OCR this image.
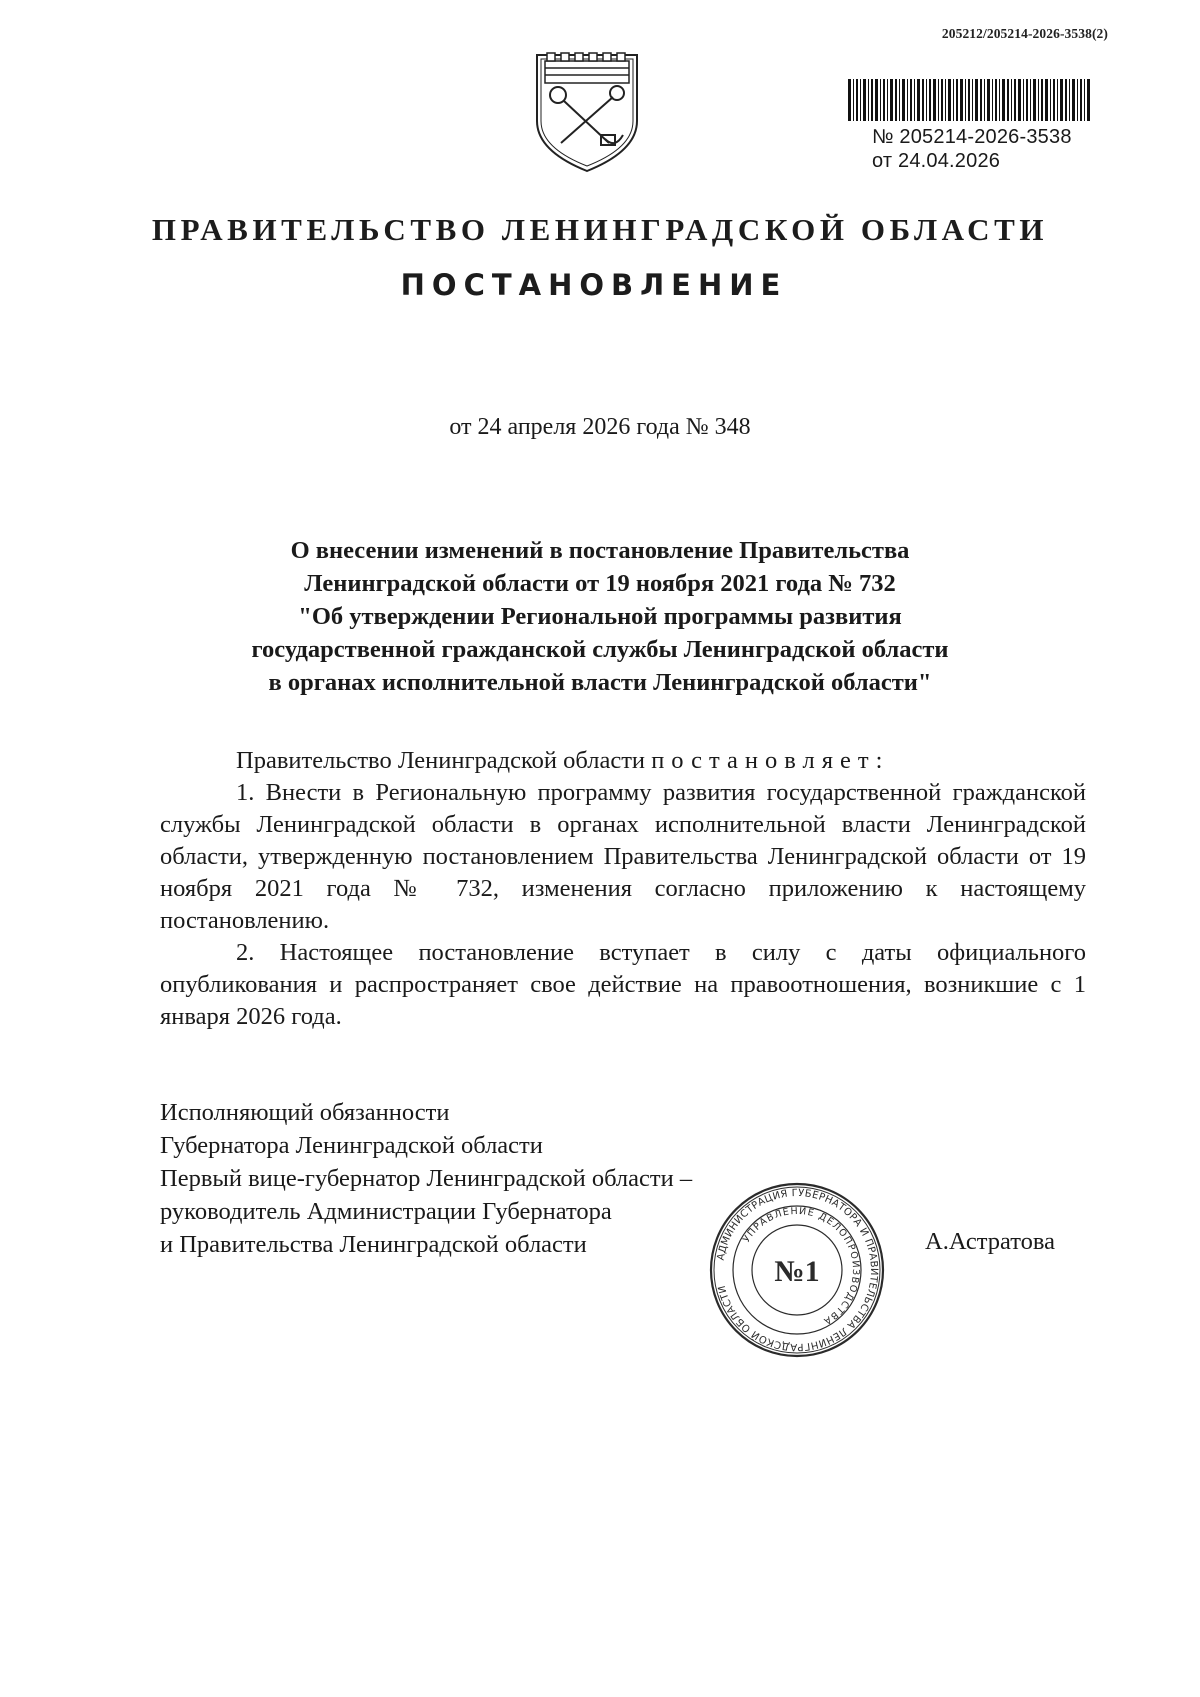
205212/205214-2026-3538(2)
№ 205214-2026-3538
от 24.04.2026
ПРАВИТЕЛЬСТВО ЛЕНИНГРАДСКОЙ ОБЛАСТИ
ПОСТАНОВЛЕНИЕ
от 24 апреля 2026 года № 348
О внесении изменений в постановление Правительства
Ленинградской области от 19 ноября 2021 года № 732
"Об утверждении Региональной программы развития
государственной гражданской службы Ленинградской области
в органах исполнительной власти Ленинградской области"

Правительство Ленинградской области постановляет:

1. Внести в Региональную программу развития государственной гражданской службы Ленинградской области в органах исполнительной власти Ленинградской области, утвержденную постановлением Правительства Ленинградской области от 19 ноября 2021 года № 732, изменения согласно приложению к настоящему постановлению.

2. Настоящее постановление вступает в силу с даты официального опубликования и распространяет свое действие на правоотношения, возникшие с 1 января 2026 года.

Исполняющий обязанности
Губернатора Ленинградской области
Первый вице-губернатор Ленинградской области –
руководитель Администрации Губернатора
и Правительства Ленинградской области	АДМИНИСТРАЦИЯ ГУБЕРНАТОРА И ПРАВИТЕЛЬСТВА ЛЕНИНГРАДСКОЙ ОБЛАСТИ
УПРАВЛЕНИЕ ДЕЛОПРОИЗВОДСТВА
№1
А.Астратова
